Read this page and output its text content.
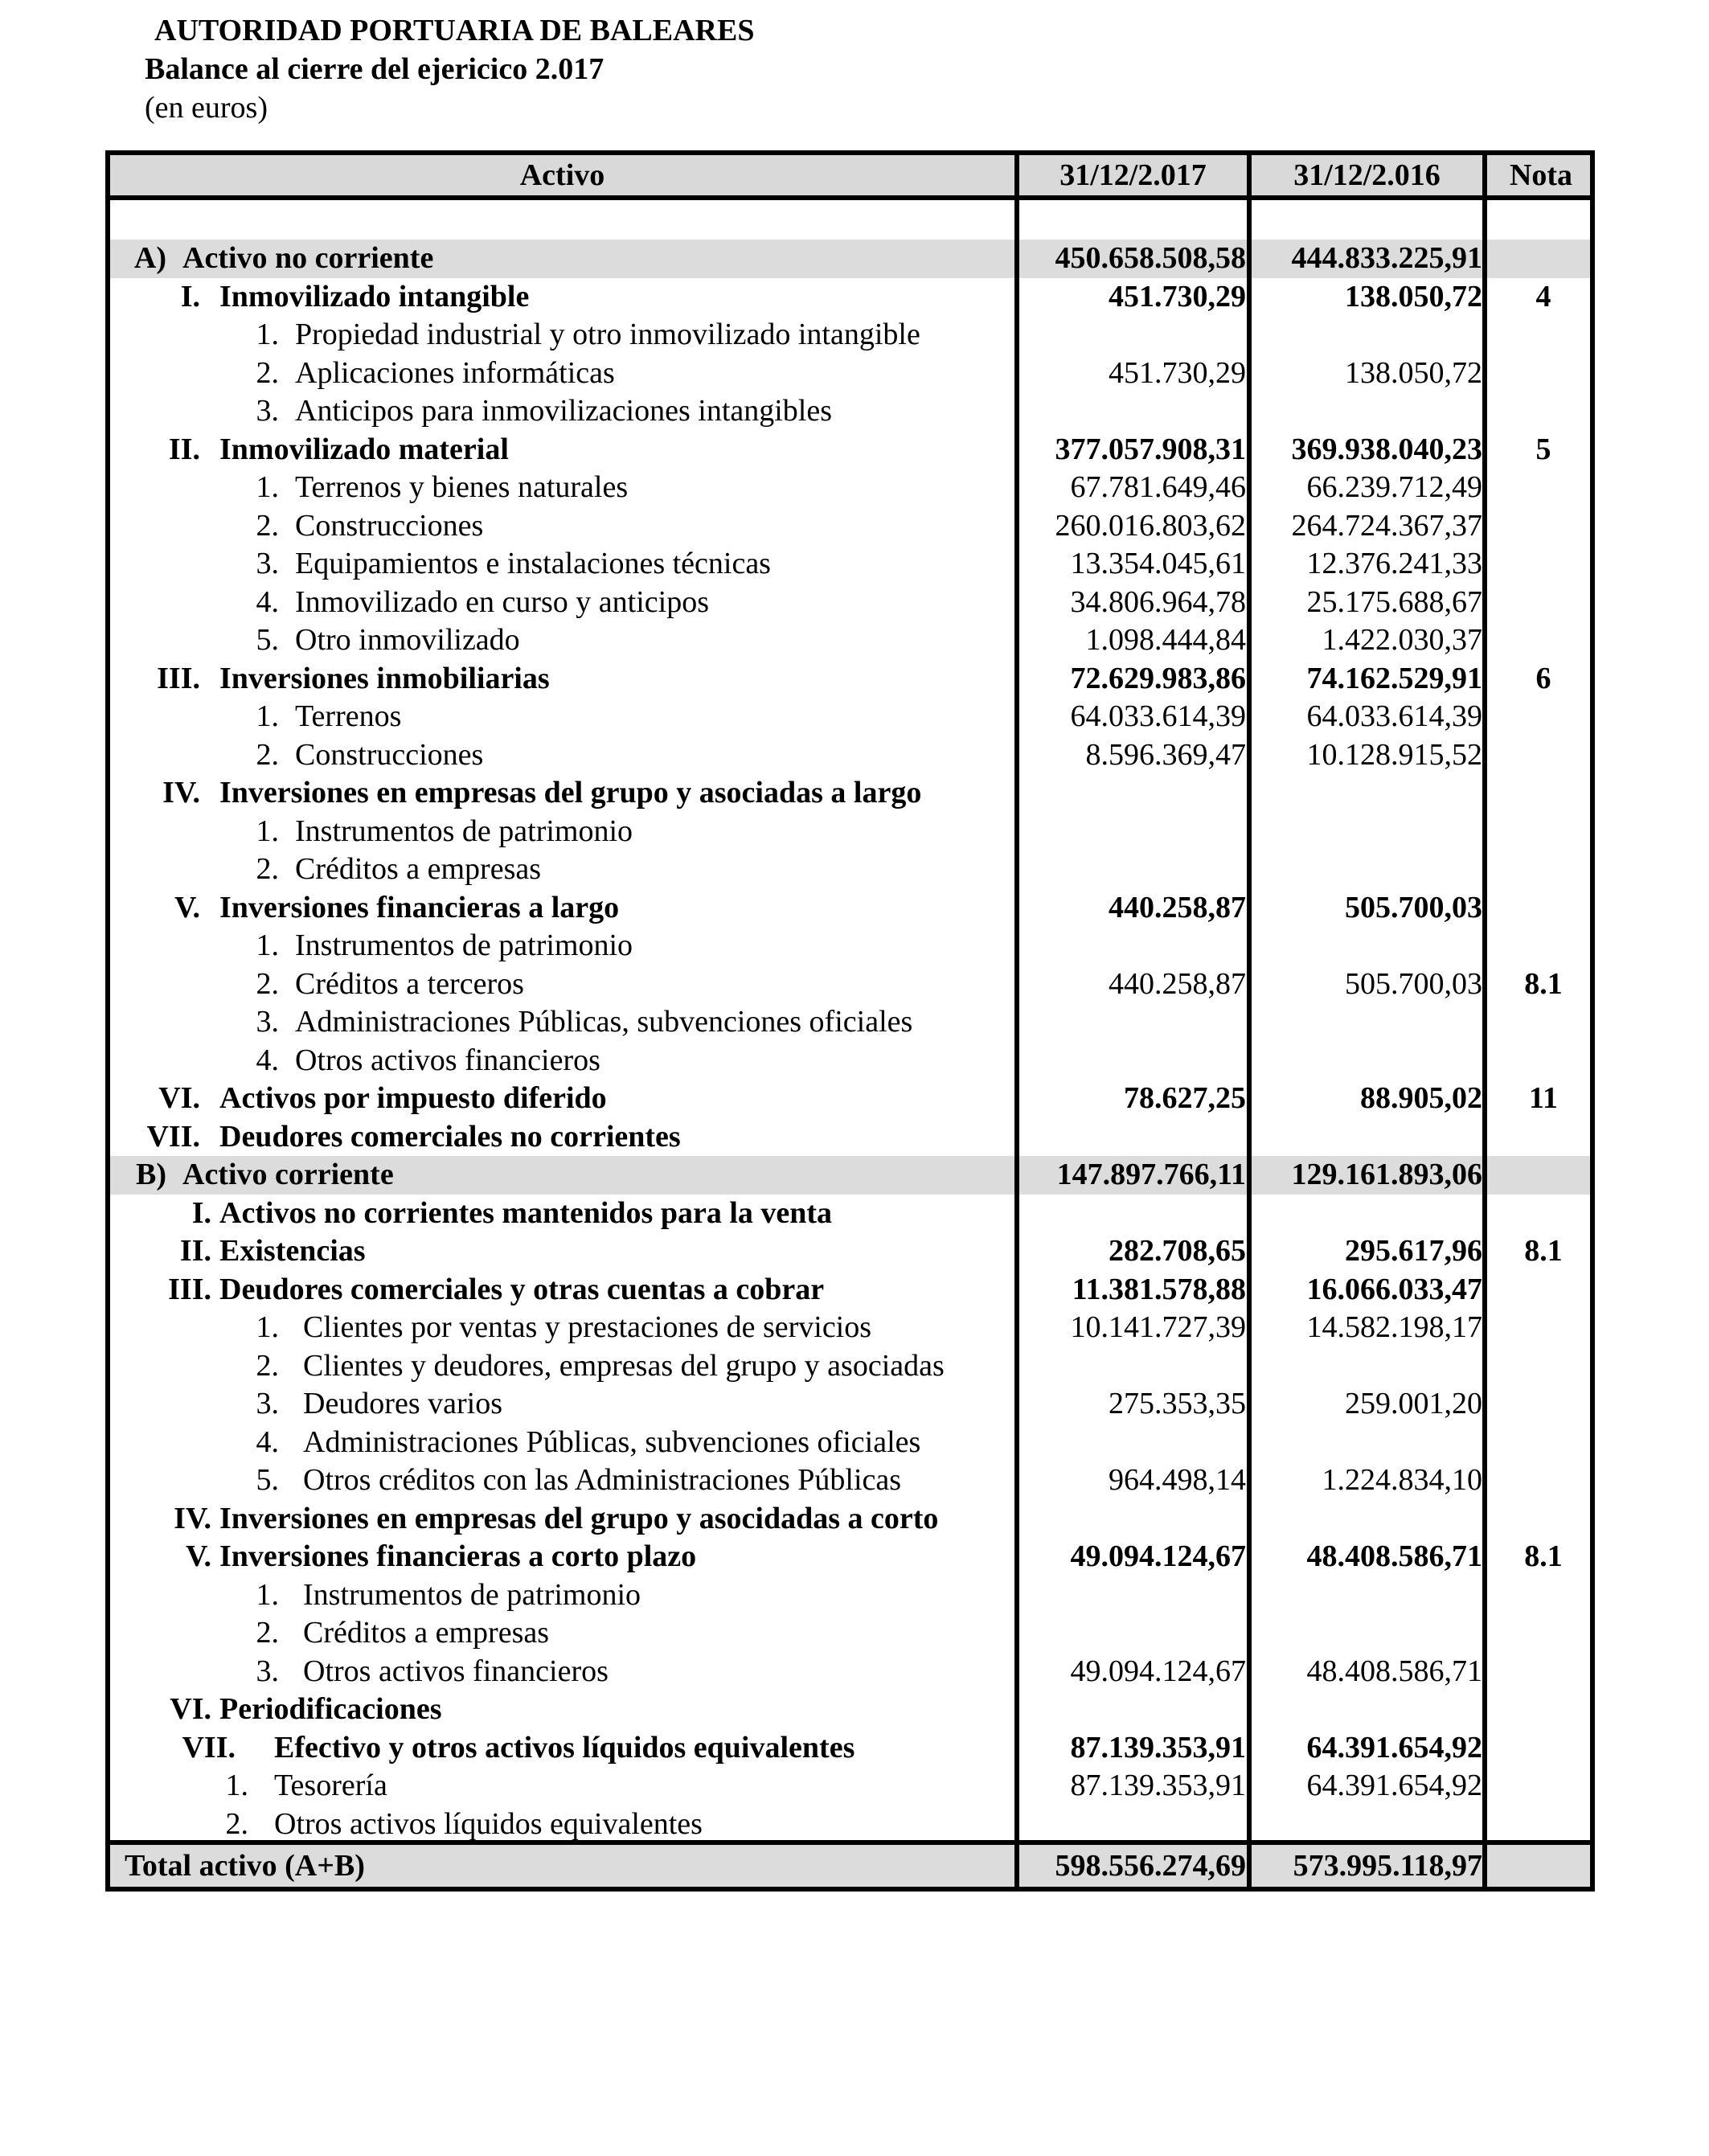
AUTORIDAD PORTUARIA DE BALEARES
Balance al cierre del ejericico 2.017
(en euros)
Activo	31/12/2.017	31/12/2.016	Nota
A) Activo no corriente	450.658.508,58	444.833.225,91
I. Inmovilizado intangible	451.730,29	138.050,72	4
1. Propiedad industrial y otro inmovilizado intangible
2. Aplicaciones informáticas	451.730,29	138.050,72
3. Anticipos para inmovilizaciones intangibles
II. Inmovilizado material	377.057.908,31	369.938.040,23	5
1. Terrenos y bienes naturales	67.781.649,46	66.239.712,49
2. Construcciones	260.016.803,62	264.724.367,37
3. Equipamientos e instalaciones técnicas	13.354.045,61	12.376.241,33
4. Inmovilizado en curso y anticipos	34.806.964,78	25.175.688,67
5. Otro inmovilizado	1.098.444,84	1.422.030,37
III. Inversiones inmobiliarias	72.629.983,86	74.162.529,91	6
1. Terrenos	64.033.614,39	64.033.614,39
2. Construcciones	8.596.369,47	10.128.915,52
IV. Inversiones en empresas del grupo y asociadas a largo
1. Instrumentos de patrimonio
2. Créditos a empresas
V. Inversiones financieras a largo	440.258,87	505.700,03
1. Instrumentos de patrimonio
2. Créditos a terceros	440.258,87	505.700,03	8.1
3. Administraciones Públicas, subvenciones oficiales
4. Otros activos financieros
VI. Activos por impuesto diferido	78.627,25	88.905,02	11
VII. Deudores comerciales no corrientes
B) Activo corriente	147.897.766,11	129.161.893,06
I. Activos no corrientes mantenidos para la venta
II. Existencias	282.708,65	295.617,96	8.1
III. Deudores comerciales y otras cuentas a cobrar	11.381.578,88	16.066.033,47
1. Clientes por ventas y prestaciones de servicios	10.141.727,39	14.582.198,17
2. Clientes y deudores, empresas del grupo y asociadas
3. Deudores varios	275.353,35	259.001,20
4. Administraciones Públicas, subvenciones oficiales
5. Otros créditos con las Administraciones Públicas	964.498,14	1.224.834,10
IV. Inversiones en empresas del grupo y asocidadas a corto
V. Inversiones financieras a corto plazo	49.094.124,67	48.408.586,71	8.1
1. Instrumentos de patrimonio
2. Créditos a empresas
3. Otros activos financieros	49.094.124,67	48.408.586,71
VI. Periodificaciones
VII. Efectivo y otros activos líquidos equivalentes	87.139.353,91	64.391.654,92
1. Tesorería	87.139.353,91	64.391.654,92
2. Otros activos líquidos equivalentes
Total activo (A+B)	598.556.274,69	573.995.118,97
